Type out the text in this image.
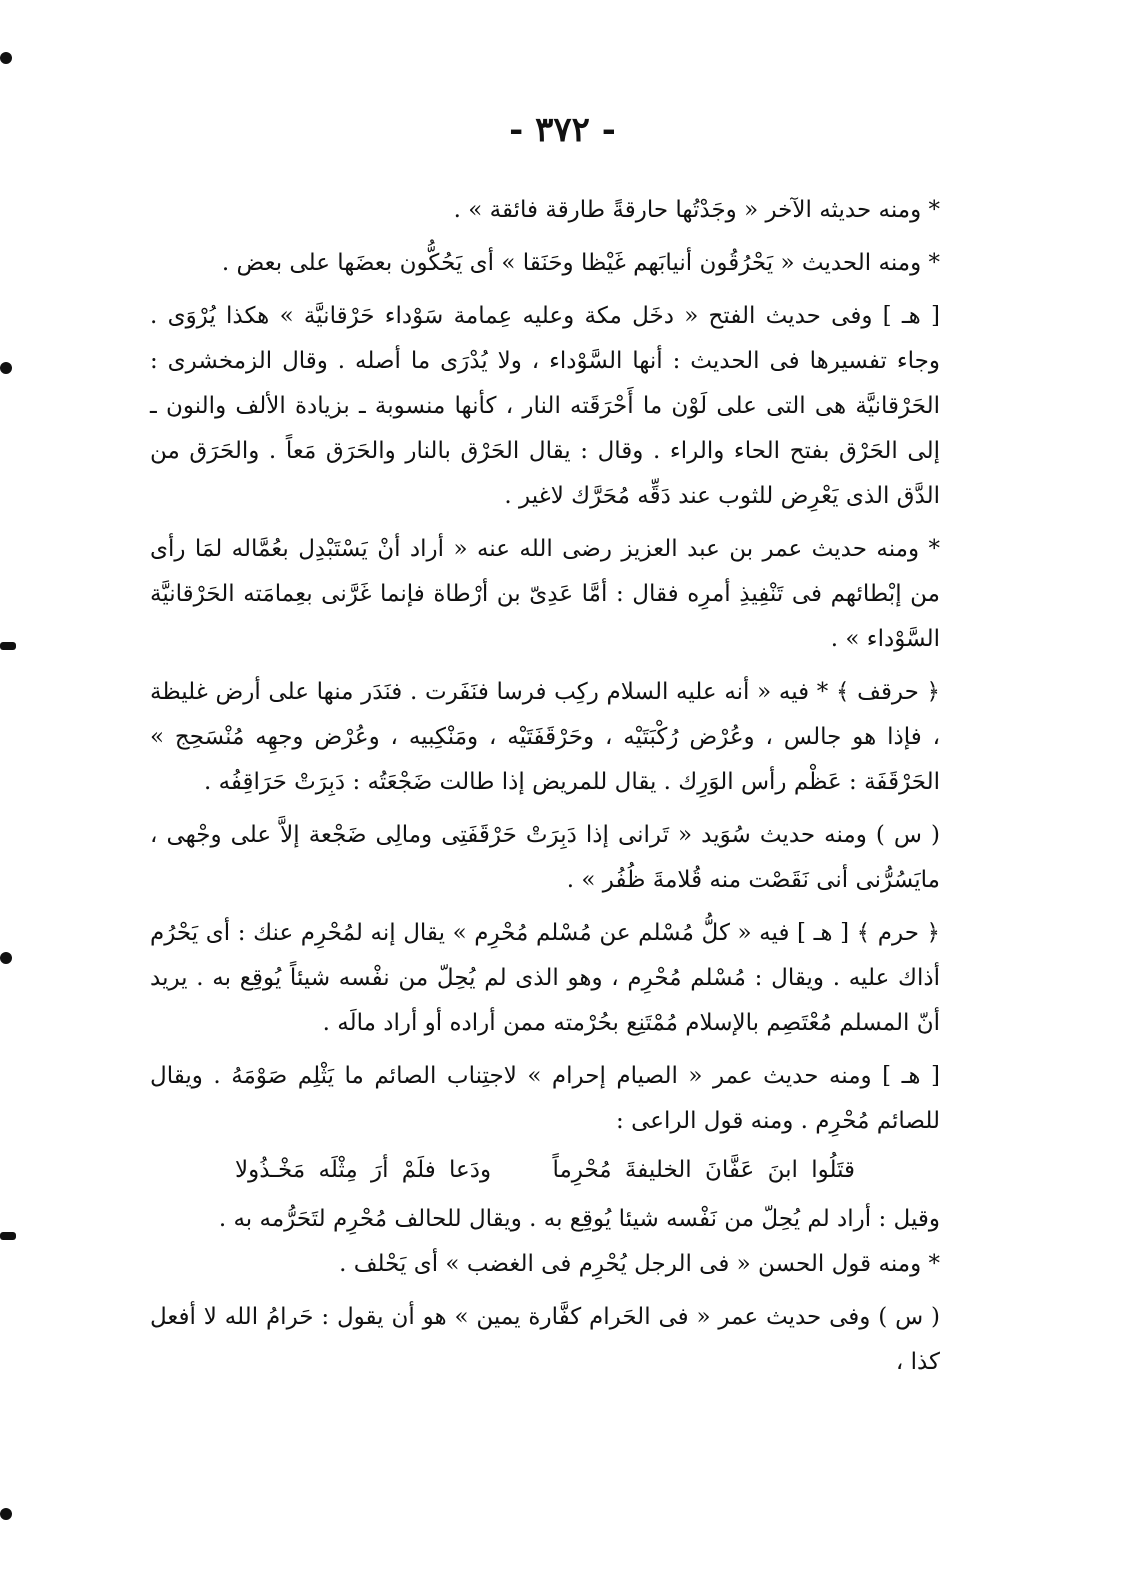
- ٣٧٢ -

* ومنه حديثه الآخر « وجَدْتُها حارقةً طارقة فائقة » .

* ومنه الحديث « يَحْرُقُون أنيابَهم غَيْظا وحَنَقا » أى يَحُكُّون بعضَها على بعض .

[ هـ ] وفى حديث الفتح « دخَل مكة وعليه عِمامة سَوْداء حَرْقانيَّة » هكذا يُرْوَى . وجاء تفسيرها فى الحديث : أنها السَّوْداء ، ولا يُدْرَى ما أصله . وقال الزمخشرى : الحَرْقانيَّة هى التى على لَوْن ما أَحْرَقَته النار ، كأنها منسوبة ـ بزيادة الألف والنون ـ إلى الحَرْق بفتح الحاء والراء . وقال : يقال الحَرْق بالنار والحَرَق مَعاً . والحَرَق من الدَّق الذى يَعْرِض للثوب عند دَقِّه مُحَرَّك لاغير .

* ومنه حديث عمر بن عبد العزيز رضى الله عنه « أراد أنْ يَسْتَبْدِل بعُمَّاله لمَا رأى من إبْطائهم فى تَنْفِيذِ أمرِه فقال : أمَّا عَدِىّ بن أرْطاة فإنما غَرَّنى بعِمامَته الحَرْقانيَّة السَّوْداء » .

﴿ حرقف ﴾ * فيه « أنه عليه السلام ركِب فرسا فنَفَرت . فنَدَر منها على أرض غليظة ، فإذا هو جالس ، وعُرْض رُكْبَتَيْه ، وحَرْقَفَتَيْه ، ومَنْكِبيه ، وعُرْض وجهِه مُنْسَحِج » الحَرْقَفَة : عَظْم رأس الوَرِك . يقال للمريض إذا طالت ضَجْعَتُه : دَبِرَتْ حَرَاقِفُه .

( س ) ومنه حديث سُوَيد « تَرانى إذا دَبِرَتْ حَرْقَفَتِى ومالِى ضَجْعة إلاَّ على وجْهى ، مايَسُرُّنى أنى نَقَصْت منه قُلامةَ ظُفُر » .

﴿ حرم ﴾ [ هـ ] فيه « كلُّ مُسْلم عن مُسْلم مُحْرِم » يقال إنه لمُحْرِم عنك : أى يَحْرُم أذاك عليه . ويقال : مُسْلم مُحْرِم ، وهو الذى لم يُحِلّ من نفْسه شيئاً يُوقِع به . يريد أنّ المسلم مُعْتَصِم بالإسلام مُمْتَنِع بحُرْمته ممن أراده أو أراد مالَه .

[ هـ ] ومنه حديث عمر « الصيام إحرام » لاجتِناب الصائم ما يَثْلِم صَوْمَهُ . ويقال للصائم مُحْرِم . ومنه قول الراعى :

قتَلُوا ابنَ عَفَّانَ الخليفةَ مُحْرِماً ودَعا فلَمْ أرَ مِثْلَه مَخْـذُولا

وقيل : أراد لم يُحِلّ من نَفْسه شيئا يُوقِع به . ويقال للحالف مُحْرِم لتَحَرُّمه به .

* ومنه قول الحسن « فى الرجل يُحْرِم فى الغضب » أى يَحْلف .

( س ) وفى حديث عمر « فى الحَرام كفَّارة يمين » هو أن يقول : حَرامُ الله لا أفعل كذا ،
